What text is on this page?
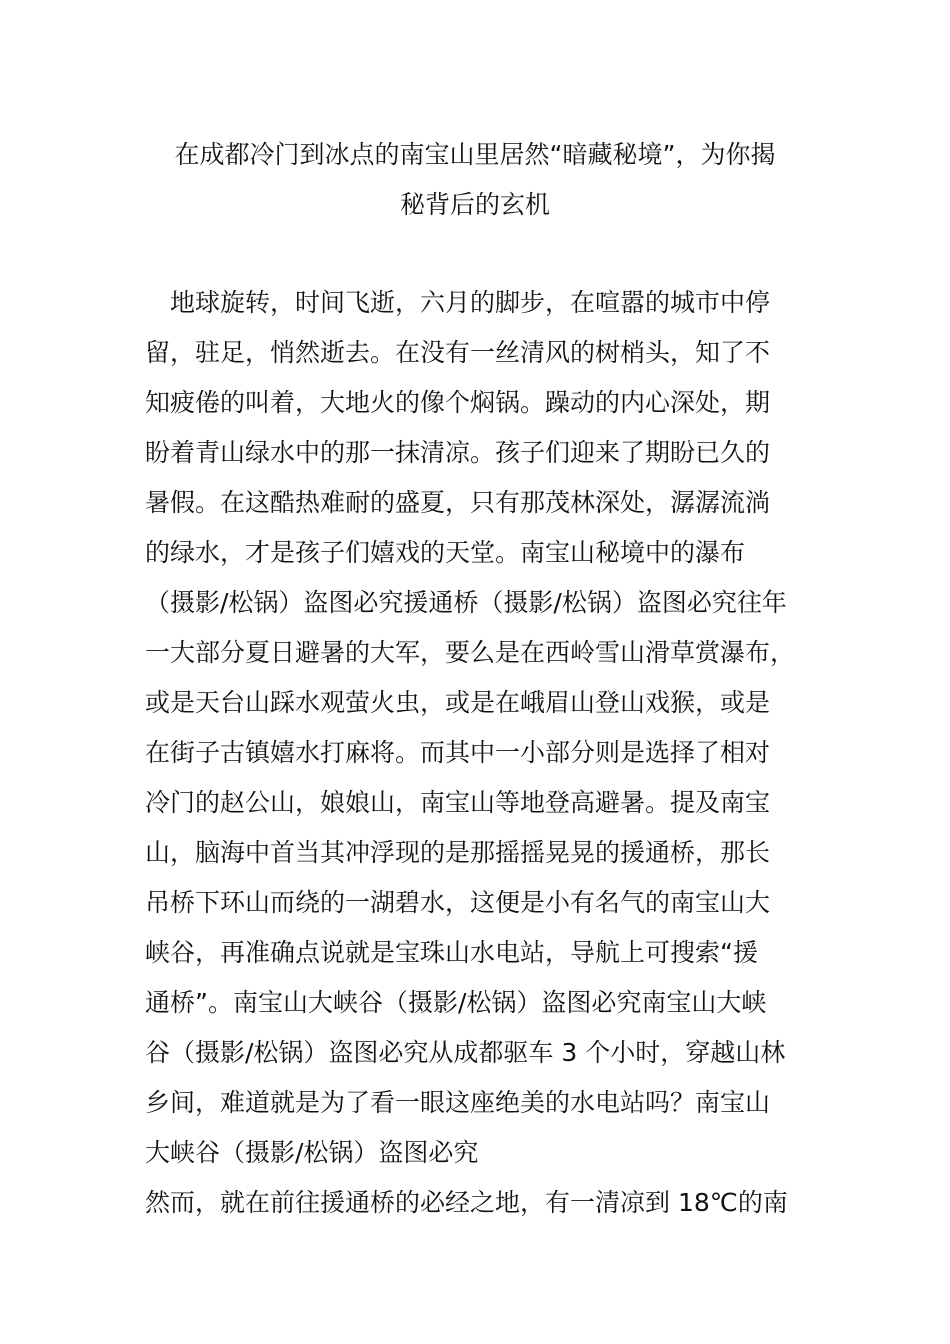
在成都冷门到冰点的南宝山里居然“暗藏秘境”，为你揭
秘背后的玄机
　地球旋转，时间飞逝，六月的脚步，在喧嚣的城市中停
留，驻足，悄然逝去。在没有一丝清风的树梢头，知了不
知疲倦的叫着，大地火的像个焖锅。躁动的内心深处，期
盼着青山绿水中的那一抹清凉。孩子们迎来了期盼已久的
暑假。在这酷热难耐的盛夏，只有那茂林深处，潺潺流淌
的绿水，才是孩子们嬉戏的天堂。南宝山秘境中的瀑布
（摄影/松锅）盗图必究援通桥（摄影/松锅）盗图必究往年
一大部分夏日避暑的大军，要么是在西岭雪山滑草赏瀑布，
或是天台山踩水观萤火虫，或是在峨眉山登山戏猴，或是
在街子古镇嬉水打麻将。而其中一小部分则是选择了相对
冷门的赵公山，娘娘山，南宝山等地登高避暑。提及南宝
山，脑海中首当其冲浮现的是那摇摇晃晃的援通桥，那长
吊桥下环山而绕的一湖碧水，这便是小有名气的南宝山大
峡谷，再准确点说就是宝珠山水电站，导航上可搜索“援
通桥”。南宝山大峡谷（摄影/松锅）盗图必究南宝山大峡
谷（摄影/松锅）盗图必究从成都驱车 3 个小时，穿越山林
乡间，难道就是为了看一眼这座绝美的水电站吗？南宝山
大峡谷（摄影/松锅）盗图必究
然而，就在前往援通桥的必经之地，有一清凉到 18℃的南
